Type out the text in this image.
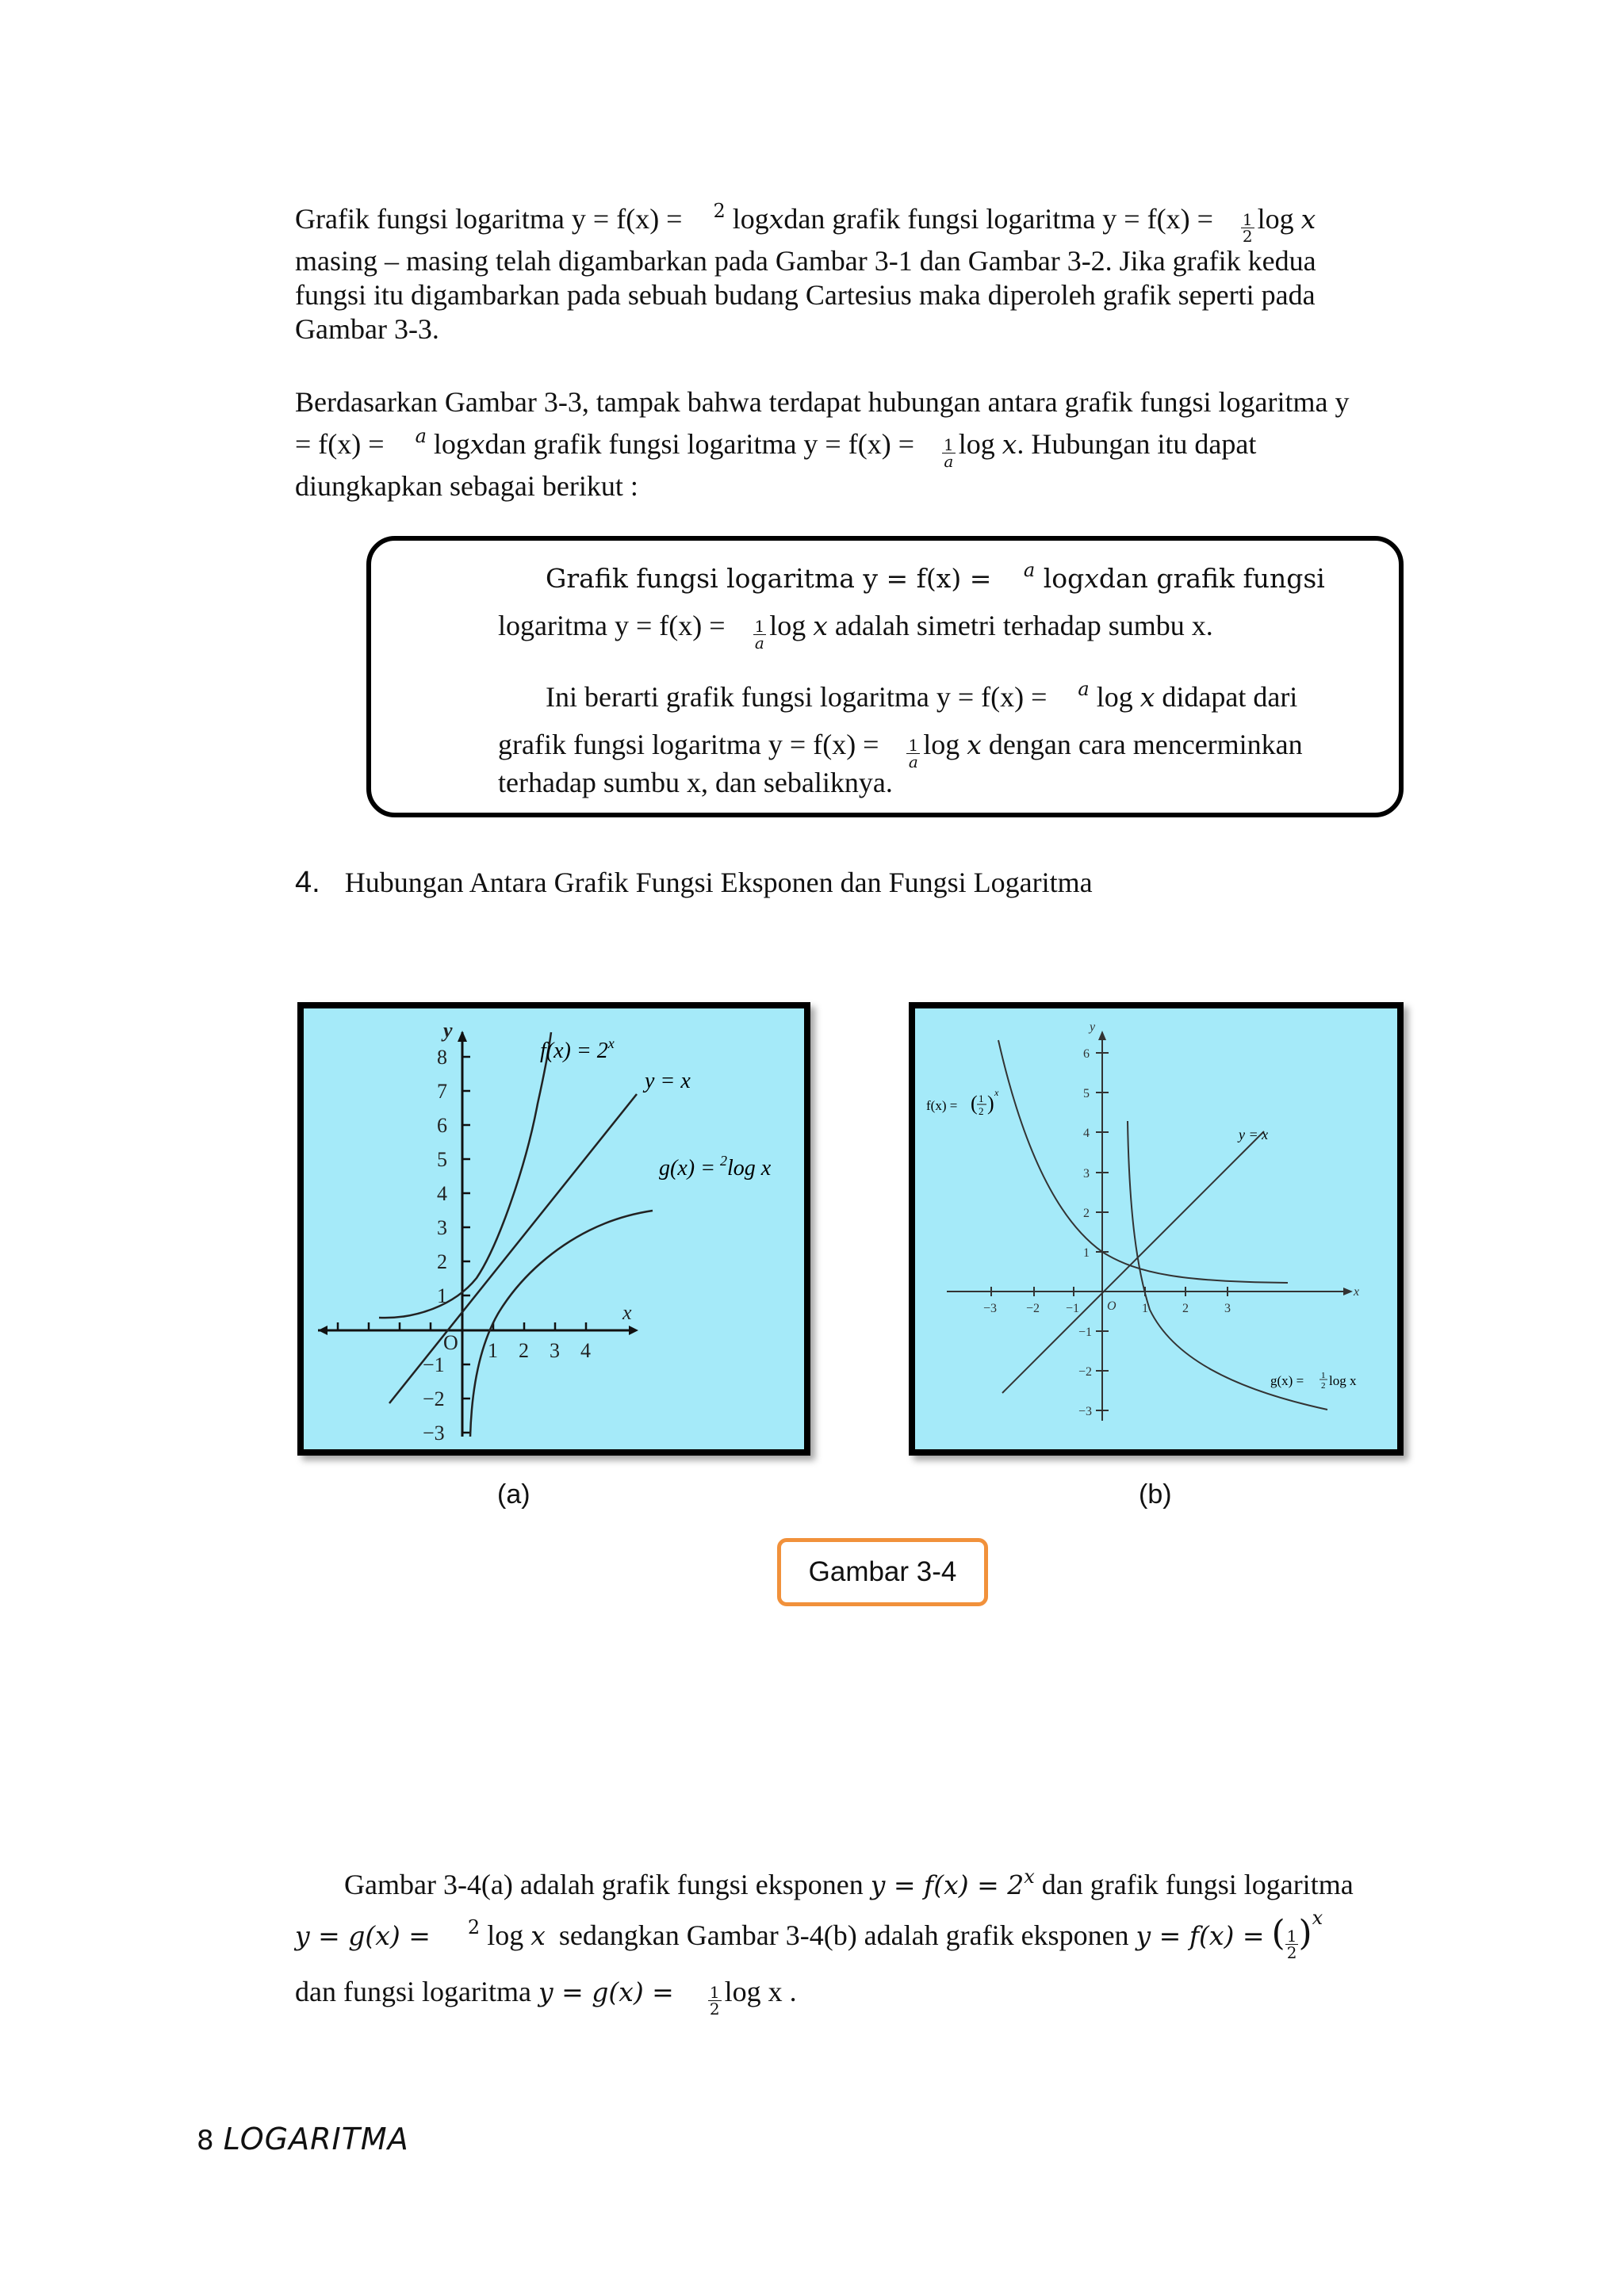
Grafik fungsi logaritma y = f(x) = $^2$ logxdan grafik fungsi logaritma $y = f(x) = \frac{1}{2}$ log x

masing – masing telah digambarkan pada Gambar 3-1 dan Gambar 3-2. Jika grafik kedua

fungsi itu digambarkan pada sebuah budang Cartesius maka diperoleh grafik seperti pada

Gambar 3-3.

Berdasarkan Gambar 3-3, tampak bahwa terdapat hubungan antara grafik fungsi logaritma y

= f(x) = $^a$ logxdan grafik fungsi logaritma $y = f(x) = \frac{1}{a}$ log x. Hubungan itu dapat

diungkapkan sebagai berikut :

Grafik fungsi logaritma y = f(x) = $^a$ logxdan grafik fungsi
logaritma $y = f(x) = \frac{1}{a}$ log x adalah simetri terhadap sumbu x.
Ini berarti grafik fungsi logaritma y = f(x) = $^a$ log x didapat dari
grafik fungsi logaritma $y = f(x) = \frac{1}{a}$ log x dengan cara mencerminkan
terhadap sumbu x, dan sebaliknya.
4. Hubungan Antara Grafik Fungsi Eksponen dan Fungsi Logaritma
8
7
6
5
4
3
2
1
−1
−2
−3
1 2 3 4
O
x
y
$f(x) = 2^x$
y = x
g(x) = $^2$log x
(a)
6
5
4
3
2
1
−1
−2
−3
−3 −2 −1	1	2	3
O
x
y
f(x) = ( 1
2 ) x
y = x
g(x) = 1
2 log x
(b)
Gambar 3-4

Gambar 3-4(a) adalah grafik fungsi eksponen $y = f(x) = 2^x$ dan grafik fungsi logaritma

y = g(x) = $^2$ log x sedangkan Gambar 3-4(b) adalah grafik eksponen y = f(x) = ( $\frac{1}{2} )^x$

dan fungsi logaritma $y = g(x) = \frac{1}{2}$ log x .

8 LOGARITMA
